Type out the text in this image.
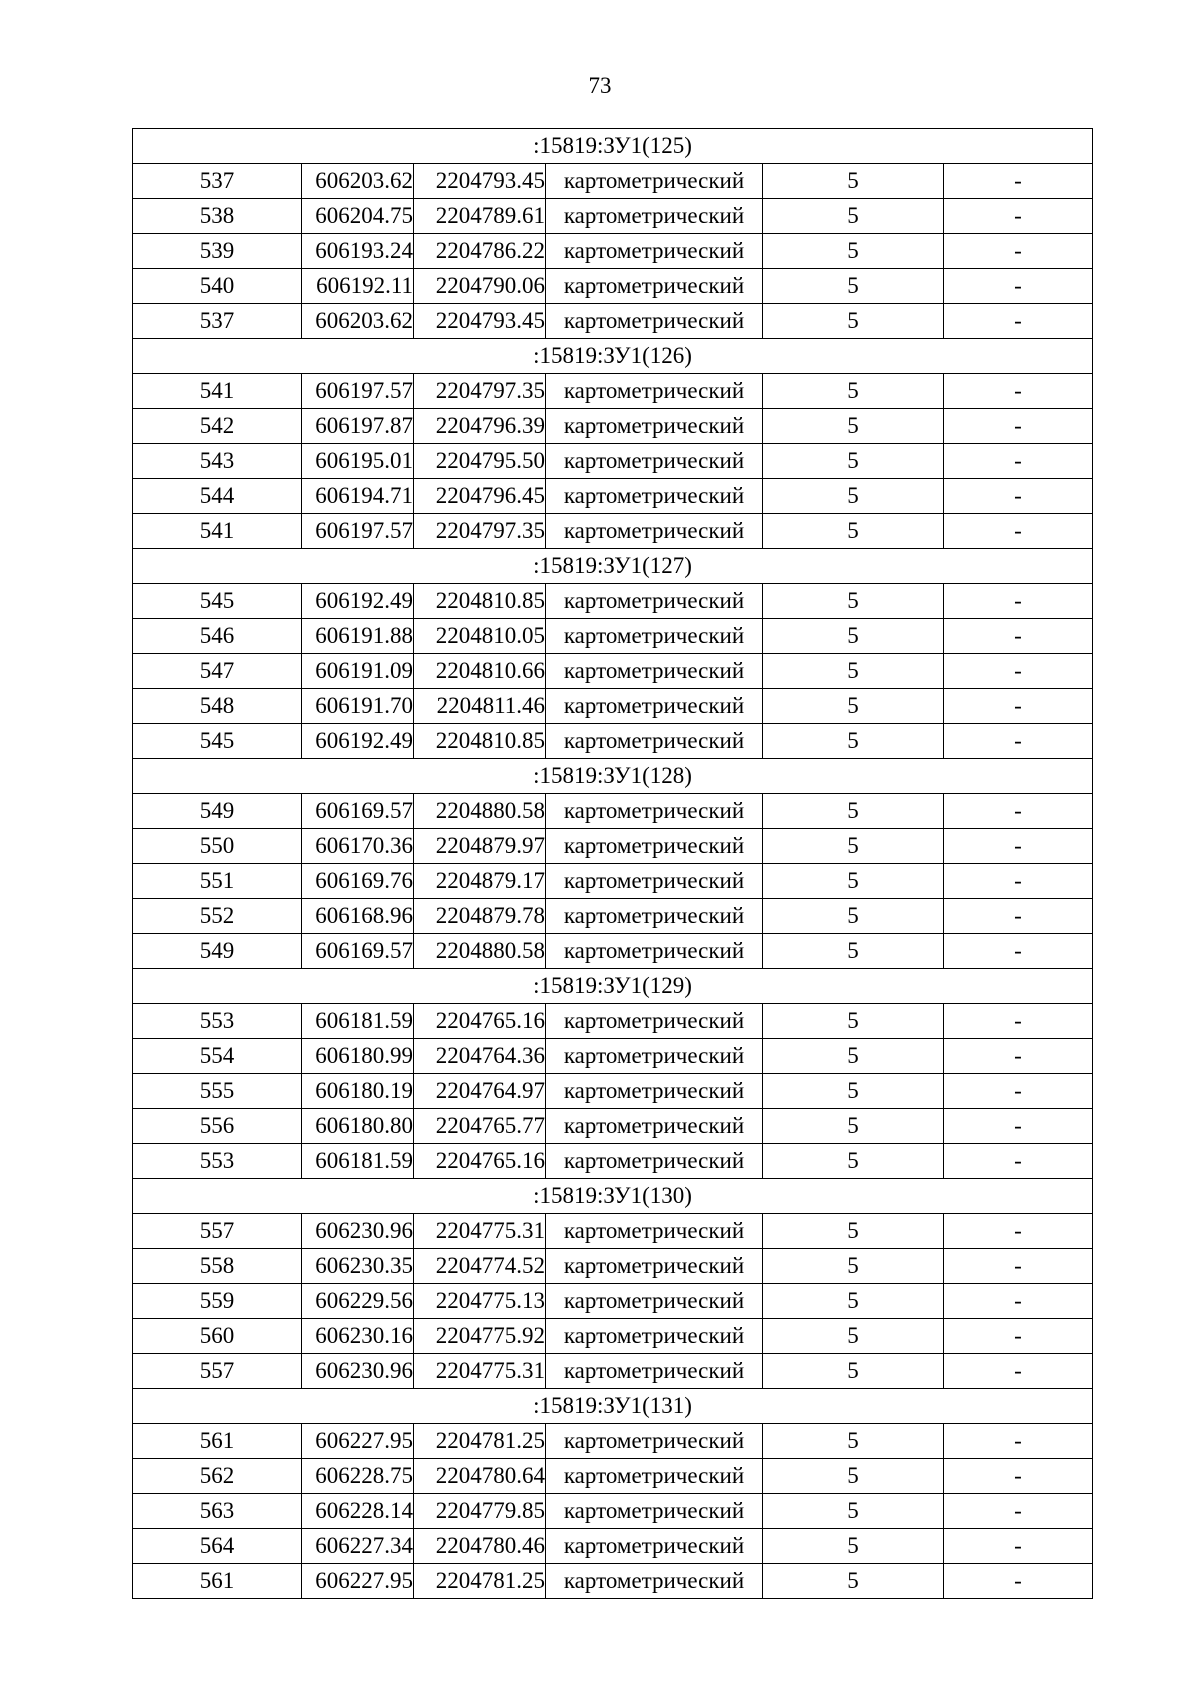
73
:15819:ЗУ1(125)					
537	606203.62	2204793.45	картометрический	5	-
538	606204.75	2204789.61	картометрический	5	-
539	606193.24	2204786.22	картометрический	5	-
540	606192.11	2204790.06	картометрический	5	-
537	606203.62	2204793.45	картометрический	5	-
:15819:ЗУ1(126)					
541	606197.57	2204797.35	картометрический	5	-
542	606197.87	2204796.39	картометрический	5	-
543	606195.01	2204795.50	картометрический	5	-
544	606194.71	2204796.45	картометрический	5	-
541	606197.57	2204797.35	картометрический	5	-
:15819:ЗУ1(127)					
545	606192.49	2204810.85	картометрический	5	-
546	606191.88	2204810.05	картометрический	5	-
547	606191.09	2204810.66	картометрический	5	-
548	606191.70	2204811.46	картометрический	5	-
545	606192.49	2204810.85	картометрический	5	-
:15819:ЗУ1(128)					
549	606169.57	2204880.58	картометрический	5	-
550	606170.36	2204879.97	картометрический	5	-
551	606169.76	2204879.17	картометрический	5	-
552	606168.96	2204879.78	картометрический	5	-
549	606169.57	2204880.58	картометрический	5	-
:15819:ЗУ1(129)					
553	606181.59	2204765.16	картометрический	5	-
554	606180.99	2204764.36	картометрический	5	-
555	606180.19	2204764.97	картометрический	5	-
556	606180.80	2204765.77	картометрический	5	-
553	606181.59	2204765.16	картометрический	5	-
:15819:ЗУ1(130)					
557	606230.96	2204775.31	картометрический	5	-
558	606230.35	2204774.52	картометрический	5	-
559	606229.56	2204775.13	картометрический	5	-
560	606230.16	2204775.92	картометрический	5	-
557	606230.96	2204775.31	картометрический	5	-
:15819:ЗУ1(131)					
561	606227.95	2204781.25	картометрический	5	-
562	606228.75	2204780.64	картометрический	5	-
563	606228.14	2204779.85	картометрический	5	-
564	606227.34	2204780.46	картометрический	5	-
561	606227.95	2204781.25	картометрический	5	-
